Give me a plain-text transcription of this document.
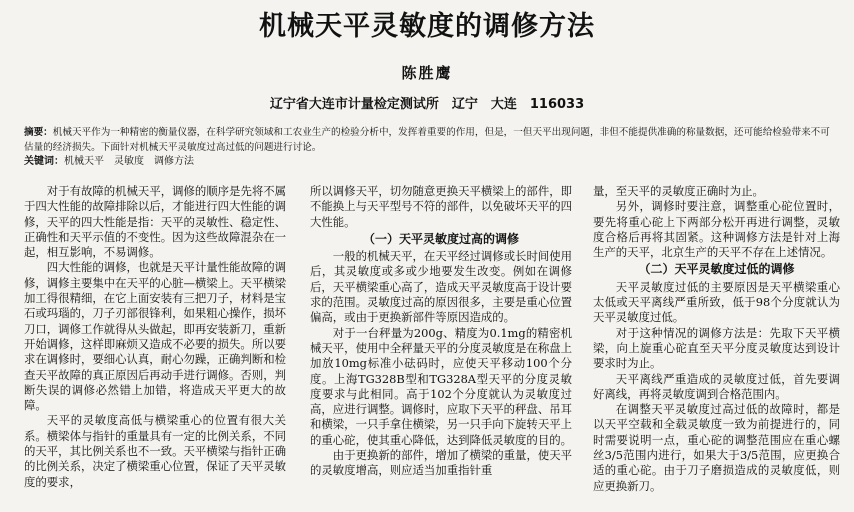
机械天平灵敏度的调修方法
陈胜鹰
辽宁省大连市计量检定测试所　辽宁　大连　116033
摘要：机械天平作为一种精密的衡量仪器，在科学研究领域和工农业生产的检验分析中，发挥着重要的作用，但是，一但天平出现问题，非但不能提供准确的称量数据，还可能给检验带来不可估量的经济损失。下面针对机械天平灵敏度过高过低的问题进行讨论。
关键词：机械天平　灵敏度　调修方法

对于有故障的机械天平，调修的顺序是先将不属于四大性能的故障排除以后，才能进行四大性能的调修，天平的四大性能是指：天平的灵敏性、稳定性、正确性和天平示值的不变性。因为这些故障混杂在一起，相互影响，不易调修。

四大性能的调修，也就是天平计量性能故障的调修，调修主要集中在天平的心脏—横梁上。天平横梁加工得很精细，在它上面安装有三把刀子，材料是宝石或玛瑙的，刀子刃部很锋利，如果粗心操作，损坏刀口，调修工作就得从头做起，即再安装新刀，重新开始调修，这样即麻烦又造成不必要的损失。所以要求在调修时，要细心认真，耐心勿躁，正确判断和检查天平故障的真正原因后再动手进行调修。否则，判断失误的调修必然错上加错，将造成天平更大的故障。

天平的灵敏度高低与横梁重心的位置有很大关系。横梁体与指针的重量具有一定的比例关系，不同的天平，其比例关系也不一致。天平横梁与指针正确的比例关系，决定了横梁重心位置，保证了天平灵敏度的要求，

所以调修天平，切勿随意更换天平横梁上的部件，即不能换上与天平型号不符的部件，以免破坏天平的四大性能。

（一）天平灵敏度过高的调修

一般的机械天平，在天平经过调修或长时间使用后，其灵敏度或多或少地要发生改变。例如在调修后，天平横梁重心高了，造成天平灵敏度高于设计要求的范围。灵敏度过高的原因很多，主要是重心位置偏高，或由于更换新部件等原因造成的。

对于一台秤量为200g、精度为0.1mg的精密机械天平，使用中全秤量天平的分度灵敏度是在称盘上加放10mg标准小砝码时，应使天平移动100个分度。上海TG328B型和TG328A型天平的分度灵敏度要求与此相同。高于102个分度就认为灵敏度过高，应进行调整。调修时，应取下天平的秤盘、吊耳和横梁，一只手拿住横梁，另一只手向下旋转天平上的重心砣，使其重心降低，达到降低灵敏度的目的。

由于更换新的部件，增加了横梁的重量，使天平的灵敏度增高，则应适当加重指针重

量，至天平的灵敏度正确时为止。

另外，调修时要注意，调整重心砣位置时，要先将重心砣上下两部分松开再进行调整，灵敏度合格后再将其固紧。这种调修方法是针对上海生产的天平，北京生产的天平不存在上述情况。

（二）天平灵敏度过低的调修

天平灵敏度过低的主要原因是天平横梁重心太低或天平离线严重所致，低于98个分度就认为天平灵敏度过低。

对于这种情况的调修方法是：先取下天平横梁，向上旋重心砣直至天平分度灵敏度达到设计要求时为止。

天平离线严重造成的灵敏度过低，首先要调好离线，再将灵敏度调到合格范围内。

在调整天平灵敏度过高过低的故障时，都是以天平空载和全载灵敏度一致为前提进行的，同时需要说明一点，重心砣的调整范围应在重心螺丝3/5范围内进行，如果大于3/5范围，应更换合适的重心砣。由于刀子磨损造成的灵敏度低，则应更换新刀。
